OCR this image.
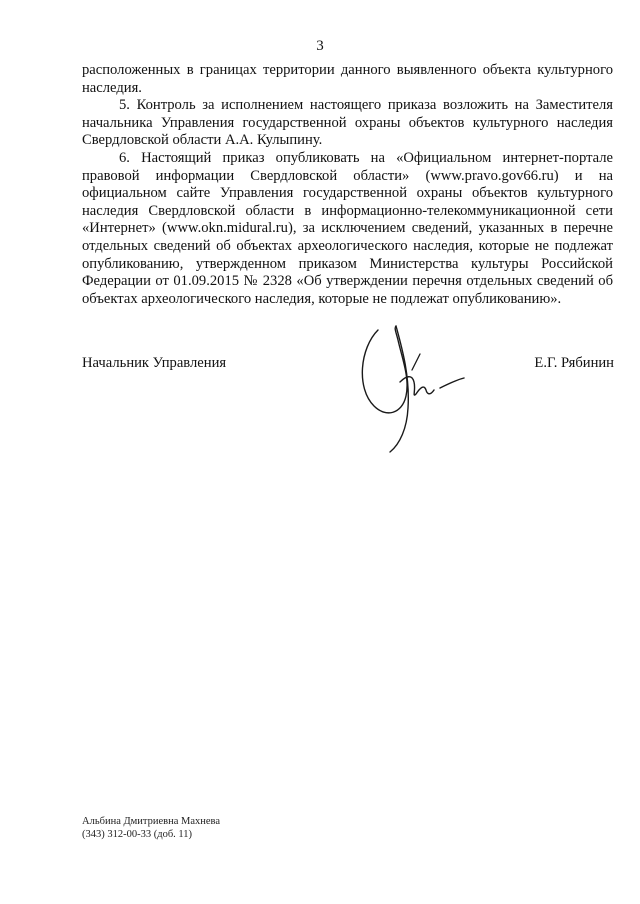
3

расположенных в границах территории данного выявленного объекта культурного наследия.

5. Контроль за исполнением настоящего приказа возложить на Заместителя начальника Управления государственной охраны объектов культурного наследия Свердловской области А.А. Кулыпину.

6. Настоящий приказ опубликовать на «Официальном интернет-портале правовой информации Свердловской области» (www.pravo.gov66.ru) и на официальном сайте Управления государственной охраны объектов культурного наследия Свердловской области в информационно-телекоммуникационной сети «Интернет» (www.okn.midural.ru), за исключением сведений, указанных в перечне отдельных сведений об объектах археологического наследия, которые не подлежат опубликованию, утвержденном приказом Министерства культуры Российской Федерации от 01.09.2015 № 2328 «Об утверждении перечня отдельных сведений об объектах археологического наследия, которые не подлежат опубликованию».

Начальник Управления	Е.Г. Рябинин
Альбина Дмитриевна Махнева
(343) 312-00-33 (доб. 11)
